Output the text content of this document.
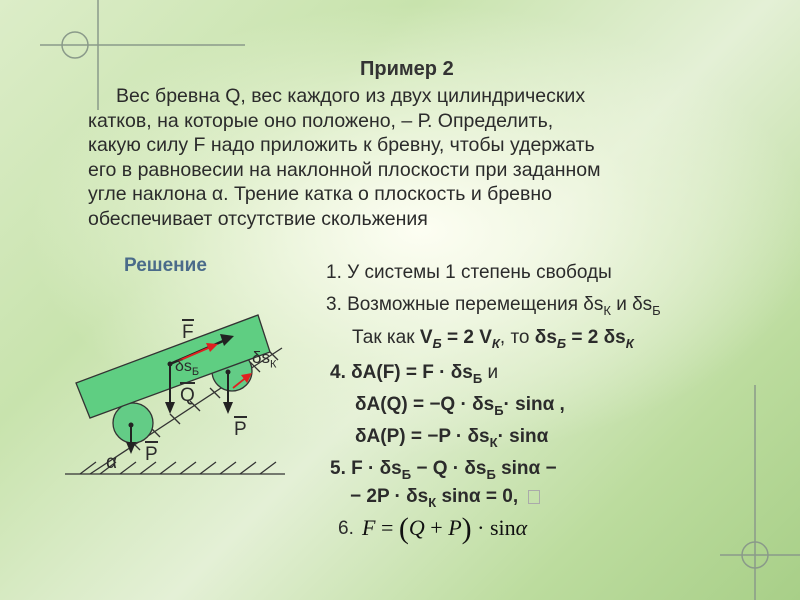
Пример 2
Вес бревна Q, вес каждого из двух цилиндрических
катков, на которые оно положено, – Р. Определить,
какую силу F надо приложить к бревну, чтобы удержать
его в равновесии на наклонной плоскости при заданном
угле наклона α. Трение катка о плоскость и бревно
обеспечивает отсутствие скольжения
Решение
F
$\delta s_Б$
$\delta s_К$
Q
P
P
α
1. У системы 1 степень свободы
3. Возможные перемещения $\delta s_К$ и $\delta s_Б$
Так как $V_Б = 2$ $V_К$, то $\delta s_Б = 2$ $\delta s_К$
4. $\delta A(F) = F \cdot \delta s_Б$ и
$\delta A(Q) = -Q \cdot \delta s_Б\cdot \sin\alpha$ ,
$\delta A(P) = -P \cdot \delta s_К\cdot \sin\alpha$
5. $F \cdot \delta s_Б - Q \cdot \delta s_Б$ sinα −
− $2P \cdot \delta s_К$ sinα = 0,
6. F = (Q + P) · sinα
